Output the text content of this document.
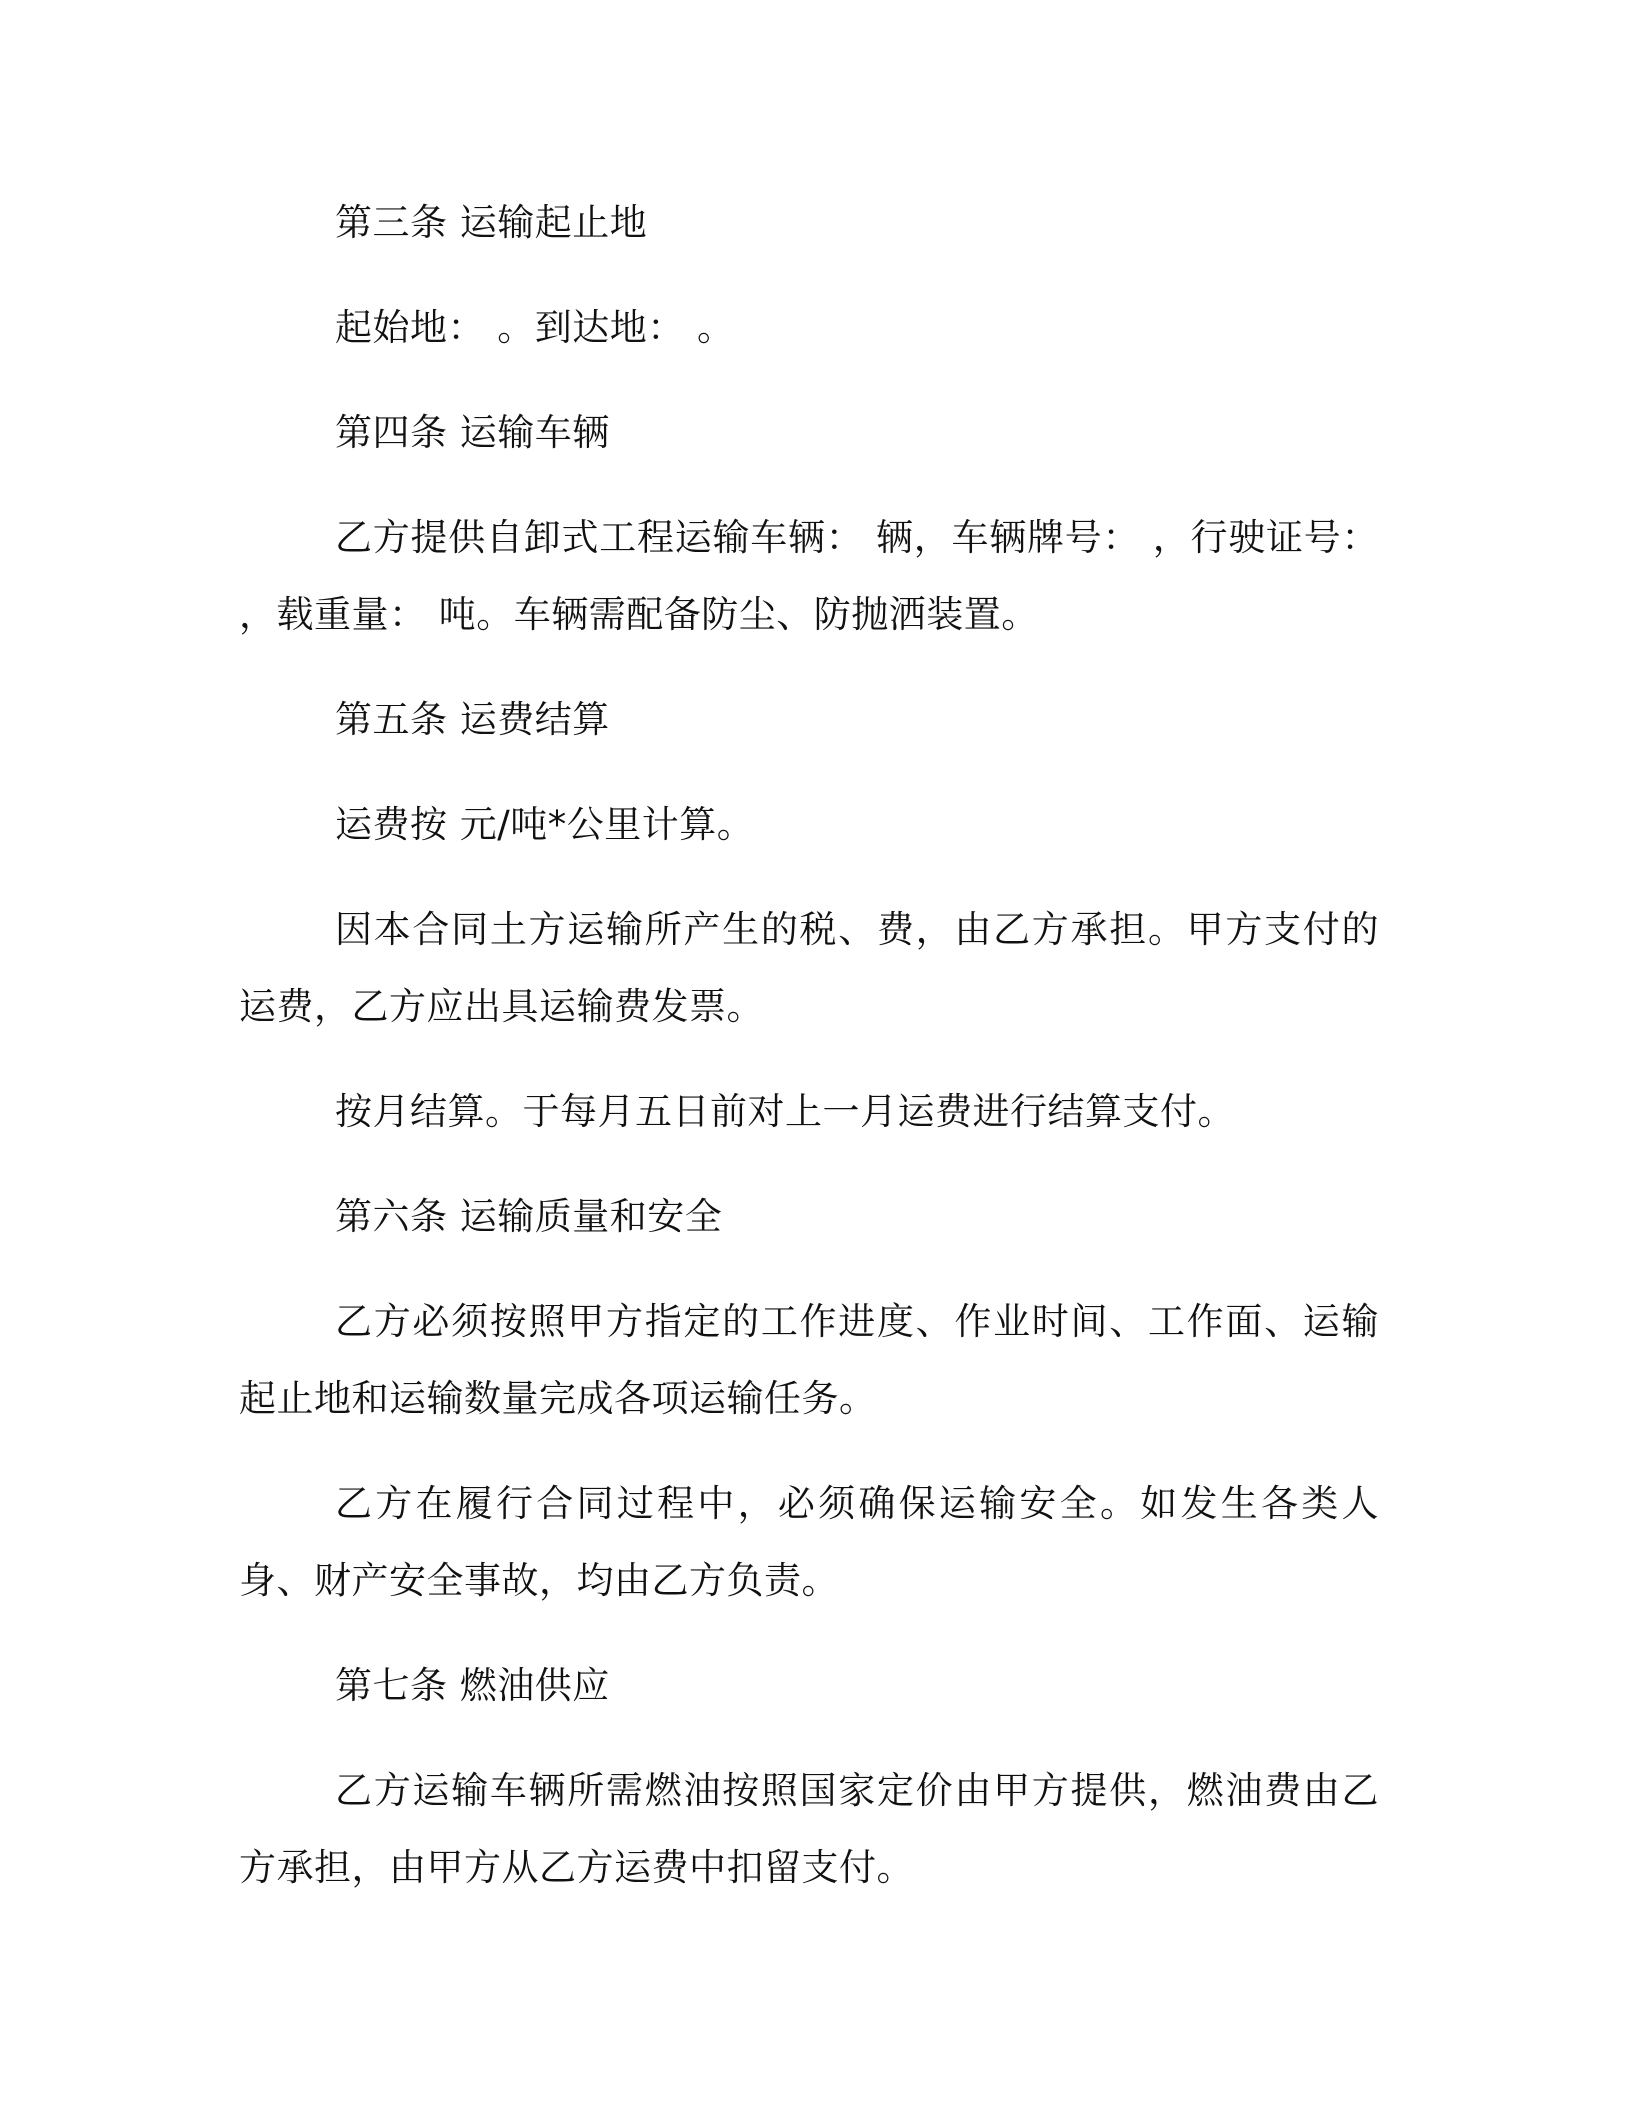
第三条 运输起止地

起始地： 。到达地： 。

第四条 运输车辆

乙方提供自卸式工程运输车辆： 辆，车辆牌号： ，行驶证号： ，载重量： 吨。车辆需配备防尘、防抛洒装置。

第五条 运费结算

运费按 元/吨*公里计算。

因本合同土方运输所产生的税、费，由乙方承担。甲方支付的运费，乙方应出具运输费发票。

按月结算。于每月五日前对上一月运费进行结算支付。

第六条 运输质量和安全

乙方必须按照甲方指定的工作进度、作业时间、工作面、运输起止地和运输数量完成各项运输任务。

乙方在履行合同过程中，必须确保运输安全。如发生各类人身、财产安全事故，均由乙方负责。

第七条 燃油供应

乙方运输车辆所需燃油按照国家定价由甲方提供，燃油费由乙方承担，由甲方从乙方运费中扣留支付。
